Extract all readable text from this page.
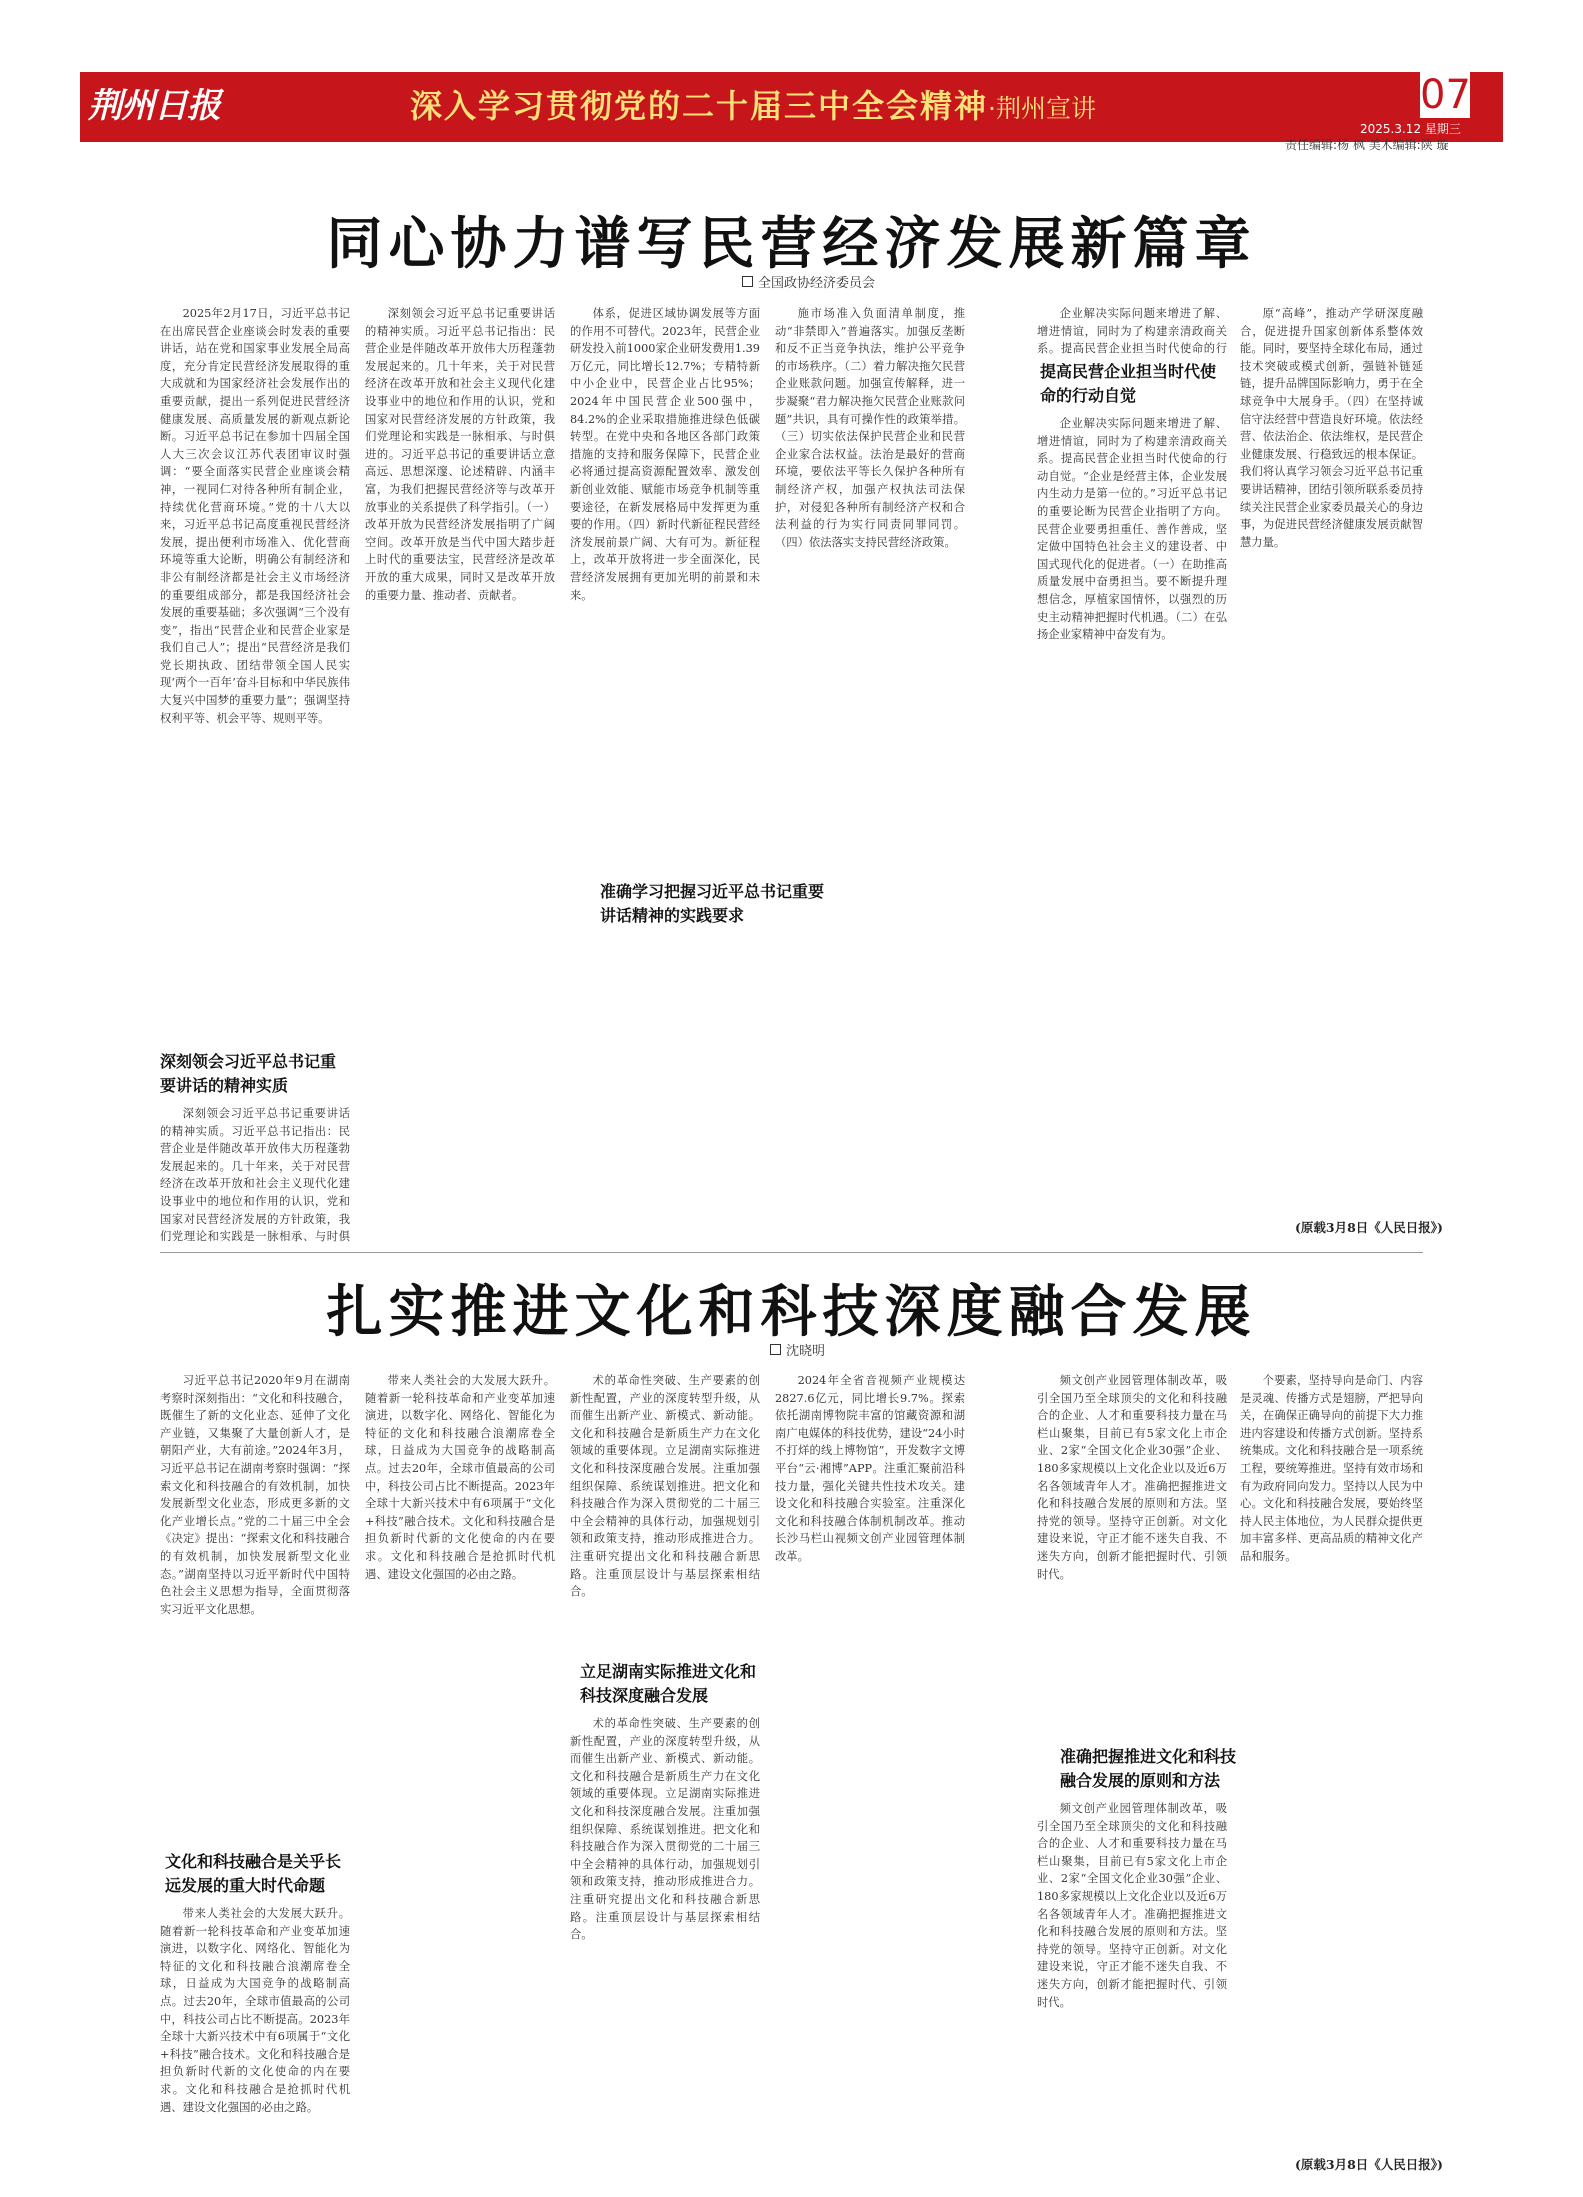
荆州日报	深入学习贯彻党的二十届三中全会精神·荆州宣讲	07
2025.3.12 星期三
责任编辑:杨 枫 美术编辑:陕 璇
同心协力谱写民营经济发展新篇章
全国政协经济委员会

2025年2月17日，习近平总书记在出席民营企业座谈会时发表的重要讲话，站在党和国家事业发展全局高度，充分肯定民营经济发展取得的重大成就和为国家经济社会发展作出的重要贡献，提出一系列促进民营经济健康发展、高质量发展的新观点新论断。习近平总书记在参加十四届全国人大三次会议江苏代表团审议时强调：“要全面落实民营企业座谈会精神，一视同仁对待各种所有制企业，持续优化营商环境。”党的十八大以来，习近平总书记高度重视民营经济发展，提出便利市场准入、优化营商环境等重大论断，明确公有制经济和非公有制经济都是社会主义市场经济的重要组成部分，都是我国经济社会发展的重要基础；多次强调“三个没有变”，指出“民营企业和民营企业家是我们自己人”；提出“民营经济是我们党长期执政、团结带领全国人民实现‘两个一百年’奋斗目标和中华民族伟大复兴中国梦的重要力量”；强调坚持权利平等、机会平等、规则平等。

深刻领会习近平总书记重要讲话的精神实质

深刻领会习近平总书记重要讲话的精神实质。习近平总书记指出：民营企业是伴随改革开放伟大历程蓬勃发展起来的。几十年来，关于对民营经济在改革开放和社会主义现代化建设事业中的地位和作用的认识，党和国家对民营经济发展的方针政策，我们党理论和实践是一脉相承、与时俱

深刻领会习近平总书记重要讲话的精神实质。习近平总书记指出：民营企业是伴随改革开放伟大历程蓬勃发展起来的。几十年来，关于对民营经济在改革开放和社会主义现代化建设事业中的地位和作用的认识，党和国家对民营经济发展的方针政策，我们党理论和实践是一脉相承、与时俱进的。习近平总书记的重要讲话立意高远、思想深邃、论述精辟、内涵丰富，为我们把握民营经济等与改革开放事业的关系提供了科学指引。（一）改革开放为民营经济发展指明了广阔空间。改革开放是当代中国大踏步赶上时代的重要法宝，民营经济是改革开放的重大成果，同时又是改革开放的重要力量、推动者、贡献者。

体系，促进区域协调发展等方面的作用不可替代。2023年，民营企业研发投入前1000家企业研发费用1.39万亿元，同比增长12.7%；专精特新中小企业中，民营企业占比95%；2024年中国民营企业500强中，84.2%的企业采取措施推进绿色低碳转型。在党中央和各地区各部门政策措施的支持和服务保障下，民营企业必将通过提高资源配置效率、激发创新创业效能、赋能市场竞争机制等重要途径，在新发展格局中发挥更为重要的作用。（四）新时代新征程民营经济发展前景广阔、大有可为。新征程上，改革开放将进一步全面深化，民营经济发展拥有更加光明的前景和未来。

准确学习把握习近平总书记重要讲话精神的实践要求

施市场准入负面清单制度，推动“非禁即入”普遍落实。加强反垄断和反不正当竞争执法，维护公平竞争的市场秩序。（二）着力解决拖欠民营企业账款问题。加强宣传解释，进一步凝聚“君力解决拖欠民营企业账款问题”共识，具有可操作性的政策举措。（三）切实依法保护民营企业和民营企业家合法权益。法治是最好的营商环境，要依法平等长久保护各种所有制经济产权，加强产权执法司法保护，对侵犯各种所有制经济产权和合法利益的行为实行同责同罪同罚。（四）依法落实支持民营经济政策。

提高民营企业担当时代使命的行动自觉

企业解决实际问题来增进了解、增进情谊，同时为了构建亲清政商关系。提高民营企业担当时代使命的行

企业解决实际问题来增进了解、增进情谊，同时为了构建亲清政商关系。提高民营企业担当时代使命的行动自觉。“企业是经营主体，企业发展内生动力是第一位的。”习近平总书记的重要论断为民营企业指明了方向。民营企业要勇担重任、善作善成，坚定做中国特色社会主义的建设者、中国式现代化的促进者。（一）在助推高质量发展中奋勇担当。要不断提升理想信念，厚植家国情怀，以强烈的历史主动精神把握时代机遇。（二）在弘扬企业家精神中奋发有为。

原“高峰”，推动产学研深度融合，促进提升国家创新体系整体效能。同时，要坚持全球化布局，通过技术突破或模式创新，强链补链延链，提升品牌国际影响力，勇于在全球竞争中大展身手。（四）在坚持诚信守法经营中营造良好环境。依法经营、依法治企、依法维权，是民营企业健康发展、行稳致远的根本保证。我们将认真学习领会习近平总书记重要讲话精神，团结引领所联系委员持续关注民营企业家委员最关心的身边事，为促进民营经济健康发展贡献智慧力量。

(原载3月8日《人民日报》)
扎实推进文化和科技深度融合发展
沈晓明

习近平总书记2020年9月在湖南考察时深刻指出：“文化和科技融合，既催生了新的文化业态、延伸了文化产业链，又集聚了大量创新人才，是朝阳产业，大有前途。”2024年3月，习近平总书记在湖南考察时强调：“探索文化和科技融合的有效机制，加快发展新型文化业态，形成更多新的文化产业增长点。”党的二十届三中全会《决定》提出：“探索文化和科技融合的有效机制，加快发展新型文化业态。”湖南坚持以习近平新时代中国特色社会主义思想为指导，全面贯彻落实习近平文化思想。

文化和科技融合是关乎长远发展的重大时代命题

带来人类社会的大发展大跃升。随着新一轮科技革命和产业变革加速演进，以数字化、网络化、智能化为特征的文化和科技融合浪潮席卷全球，日益成为大国竞争的战略制高点。过去20年，全球市值最高的公司中，科技公司占比不断提高。2023年全球十大新兴技术中有6项属于“文化+科技”融合技术。文化和科技融合是担负新时代新的文化使命的内在要求。文化和科技融合是抢抓时代机遇、建设文化强国的必由之路。

带来人类社会的大发展大跃升。随着新一轮科技革命和产业变革加速演进，以数字化、网络化、智能化为特征的文化和科技融合浪潮席卷全球，日益成为大国竞争的战略制高点。过去20年，全球市值最高的公司中，科技公司占比不断提高。2023年全球十大新兴技术中有6项属于“文化+科技”融合技术。文化和科技融合是担负新时代新的文化使命的内在要求。文化和科技融合是抢抓时代机遇、建设文化强国的必由之路。

术的革命性突破、生产要素的创新性配置，产业的深度转型升级，从而催生出新产业、新模式、新动能。文化和科技融合是新质生产力在文化领域的重要体现。立足湖南实际推进文化和科技深度融合发展。注重加强组织保障、系统谋划推进。把文化和科技融合作为深入贯彻党的二十届三中全会精神的具体行动，加强规划引领和政策支持，推动形成推进合力。注重研究提出文化和科技融合新思路。注重顶层设计与基层探索相结合。

立足湖南实际推进文化和科技深度融合发展

术的革命性突破、生产要素的创新性配置，产业的深度转型升级，从而催生出新产业、新模式、新动能。文化和科技融合是新质生产力在文化领域的重要体现。立足湖南实际推进文化和科技深度融合发展。注重加强组织保障、系统谋划推进。把文化和科技融合作为深入贯彻党的二十届三中全会精神的具体行动，加强规划引领和政策支持，推动形成推进合力。注重研究提出文化和科技融合新思路。注重顶层设计与基层探索相结合。

2024年全省音视频产业规模达2827.6亿元，同比增长9.7%。探索依托湖南博物院丰富的馆藏资源和湖南广电媒体的科技优势，建设“24小时不打烊的线上博物馆”，开发数字文博平台“云·湘博”APP。注重汇聚前沿科技力量，强化关键共性技术攻关。建设文化和科技融合实验室。注重深化文化和科技融合体制机制改革。推动长沙马栏山视频文创产业园管理体制改革。

频文创产业园管理体制改革，吸引全国乃至全球顶尖的文化和科技融合的企业、人才和重要科技力量在马栏山聚集，目前已有5家文化上市企业、2家“全国文化企业30强”企业、180多家规模以上文化企业以及近6万名各领域青年人才。准确把握推进文化和科技融合发展的原则和方法。坚持党的领导。坚持守正创新。对文化建设来说，守正才能不迷失自我、不迷失方向，创新才能把握时代、引领时代。

准确把握推进文化和科技融合发展的原则和方法

频文创产业园管理体制改革，吸引全国乃至全球顶尖的文化和科技融合的企业、人才和重要科技力量在马栏山聚集，目前已有5家文化上市企业、2家“全国文化企业30强”企业、180多家规模以上文化企业以及近6万名各领域青年人才。准确把握推进文化和科技融合发展的原则和方法。坚持党的领导。坚持守正创新。对文化建设来说，守正才能不迷失自我、不迷失方向，创新才能把握时代、引领时代。

个要素，坚持导向是命门、内容是灵魂、传播方式是翅膀，严把导向关，在确保正确导向的前提下大力推进内容建设和传播方式创新。坚持系统集成。文化和科技融合是一项系统工程，要统筹推进。坚持有效市场和有为政府同向发力。坚持以人民为中心。文化和科技融合发展，要始终坚持人民主体地位，为人民群众提供更加丰富多样、更高品质的精神文化产品和服务。

(原载3月8日《人民日报》)
